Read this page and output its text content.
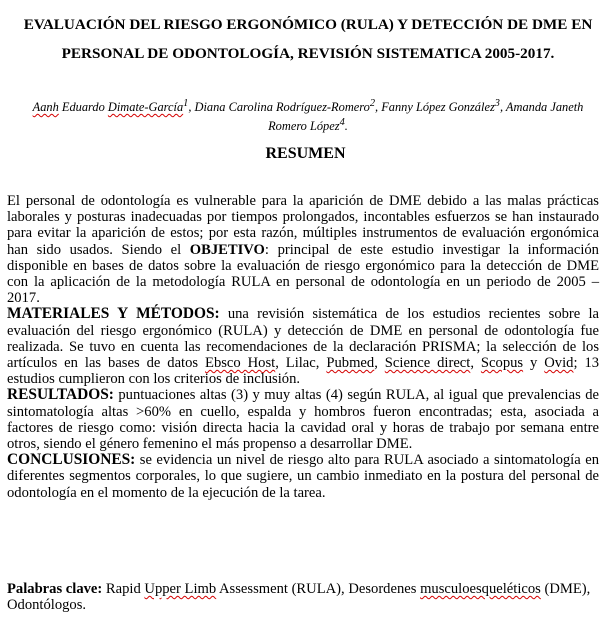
EVALUACIÓN DEL RIESGO ERGONÓMICO (RULA) Y DETECCIÓN DE DME EN PERSONAL DE ODONTOLOGÍA, REVISIÓN SISTEMATICA 2005-2017.
Aanh Eduardo Dimate-García$^1$, Diana Carolina Rodríguez-Romero$^2$, Fanny López González$^3$, Amanda Janeth Romero López$^4$.
RESUMEN

El personal de odontología es vulnerable para la aparición de DME debido a las malas prácticas laborales y posturas inadecuadas por tiempos prolongados, incontables esfuerzos se han instaurado para evitar la aparición de estos; por esta razón, múltiples instrumentos de evaluación ergonómica han sido usados. Siendo el OBJETIVO: principal de este estudio investigar la información disponible en bases de datos sobre la evaluación de riesgo ergonómico para la detección de DME con la aplicación de la metodología RULA en personal de odontología en un periodo de 2005 – 2017.

MATERIALES Y MÉTODOS: una revisión sistemática de los estudios recientes sobre la evaluación del riesgo ergonómico (RULA) y detección de DME en personal de odontología fue realizada. Se tuvo en cuenta las recomendaciones de la declaración PRISMA; la selección de los artículos en las bases de datos Ebsco Host, Lilac, Pubmed, Science direct, Scopus y Ovid; 13 estudios cumplieron con los criterios de inclusión.

RESULTADOS: puntuaciones altas (3) y muy altas (4) según RULA, al igual que prevalencias de sintomatología altas >60% en cuello, espalda y hombros fueron encontradas; esta, asociada a factores de riesgo como: visión directa hacia la cavidad oral y horas de trabajo por semana entre otros, siendo el género femenino el más propenso a desarrollar DME.

CONCLUSIONES: se evidencia un nivel de riesgo alto para RULA asociado a sintomatología en diferentes segmentos corporales, lo que sugiere, un cambio inmediato en la postura del personal de odontología en el momento de la ejecución de la tarea.

Palabras clave: Rapid Upper Limb Assessment (RULA), Desordenes musculoesqueléticos (DME), Odontólogos.
